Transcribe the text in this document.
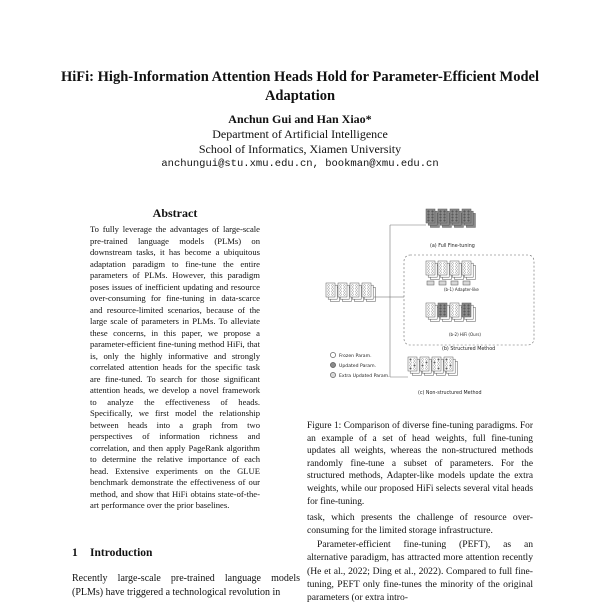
HiFi: High-Information Attention Heads Hold for Parameter-Efficient Model Adaptation
Anchun Gui and Han Xiao*
Department of Artificial Intelligence
School of Informatics, Xiamen University
anchungui@stu.xmu.edu.cn, bookman@xmu.edu.cn
Abstract

To fully leverage the advantages of large-scale pre-trained language models (PLMs) on downstream tasks, it has become a ubiquitous adaptation paradigm to fine-tune the entire parameters of PLMs. However, this paradigm poses issues of inefficient updating and resource over-consuming for fine-tuning in data-scarce and resource-limited scenarios, because of the large scale of parameters in PLMs. To alleviate these concerns, in this paper, we propose a parameter-efficient fine-tuning method HiFi, that is, only the highly informative and strongly correlated attention heads for the specific task are fine-tuned. To search for those significant attention heads, we develop a novel framework to analyze the effectiveness of heads. Specifically, we first model the relationship between heads into a graph from two perspectives of information richness and correlation, and then apply PageRank algorithm to determine the relative importance of each head. Extensive experiments on the GLUE benchmark demonstrate the effectiveness of our method, and show that HiFi obtains state-of-the-art performance over the prior baselines.

1 Introduction

Recently large-scale pre-trained language models (PLMs) have triggered a technological revolution in

Frozen Param.
Updated Param.
Extra Updated Param.
(a) Full Fine-tuning
(b-1) Adapter-like
(b-2) HiFi (Ours)
(b) Structured Method
(c) Non-structured Method

Figure 1: Comparison of diverse fine-tuning paradigms. For an example of a set of head weights, full fine-tuning updates all weights, whereas the non-structured methods randomly fine-tune a subset of parameters. For the structured methods, Adapter-like models update the extra weights, while our proposed HiFi selects several vital heads for fine-tuning.

task, which presents the challenge of resource over-consuming for the limited storage infrastructure.

Parameter-efficient fine-tuning (PEFT), as an alternative paradigm, has attracted more attention recently (He et al., 2022; Ding et al., 2022). Compared to full fine-tuning, PEFT only fine-tunes the minority of the original parameters (or extra intro-
